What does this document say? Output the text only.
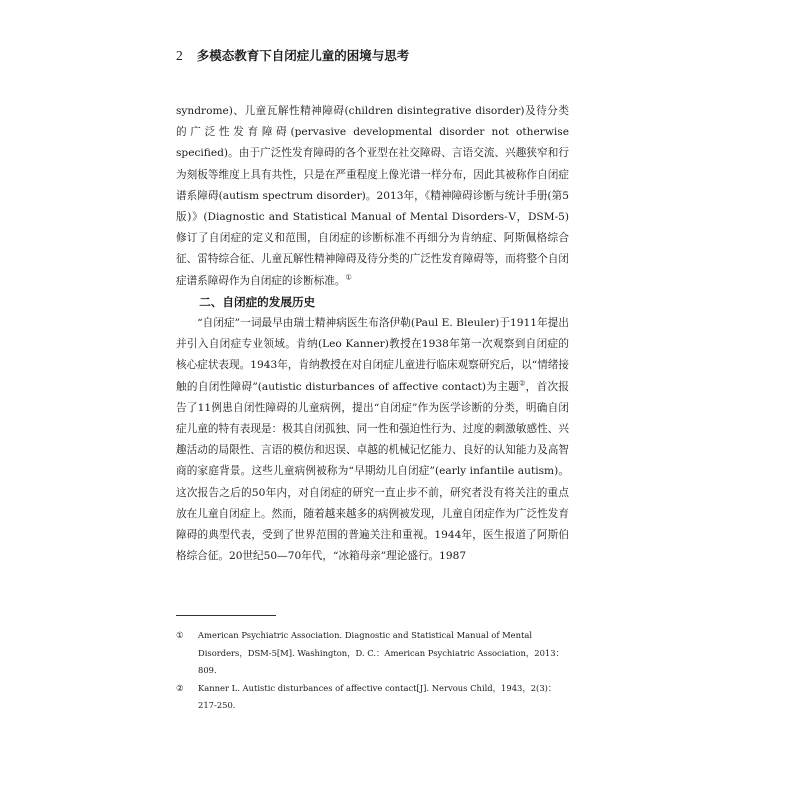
2 多模态教育下自闭症儿童的困境与思考

syndrome)、儿童瓦解性精神障碍(children disintegrative disorder)及待分类的广泛性发育障碍(pervasive developmental disorder not otherwise specified)。由于广泛性发育障碍的各个亚型在社交障碍、言语交流、兴趣狭窄和行为刻板等维度上具有共性，只是在严重程度上像光谱一样分布，因此其被称作自闭症谱系障碍(autism spectrum disorder)。2013年，《精神障碍诊断与统计手册(第5版)》(Diagnostic and Statistical Manual of Mental Disorders-Ⅴ，DSM-5)修订了自闭症的定义和范围，自闭症的诊断标准不再细分为肯纳症、阿斯佩格综合征、雷特综合征、儿童瓦解性精神障碍及待分类的广泛性发育障碍等，而将整个自闭症谱系障碍作为自闭症的诊断标准。①

二、自闭症的发展历史

“自闭症”一词最早由瑞士精神病医生布洛伊勒(Paul E. Bleuler)于1911年提出并引入自闭症专业领域。肯纳(Leo Kanner)教授在1938年第一次观察到自闭症的核心症状表现。1943年，肯纳教授在对自闭症儿童进行临床观察研究后，以“情绪接触的自闭性障碍”(autistic disturbances of affective contact)为主题②，首次报告了11例患自闭性障碍的儿童病例，提出“自闭症”作为医学诊断的分类，明确自闭症儿童的特有表现是：极其自闭孤独、同一性和强迫性行为、过度的刺激敏感性、兴趣活动的局限性、言语的模仿和迟误、卓越的机械记忆能力、良好的认知能力及高智商的家庭背景。这些儿童病例被称为“早期幼儿自闭症”(early infantile autism)。这次报告之后的50年内，对自闭症的研究一直止步不前，研究者没有将关注的重点放在儿童自闭症上。然而，随着越来越多的病例被发现，儿童自闭症作为广泛性发育障碍的典型代表，受到了世界范围的普遍关注和重视。1944年，医生报道了阿斯伯格综合征。20世纪50—70年代，“冰箱母亲”理论盛行。1987

①	American Psychiatric Association. Diagnostic and Statistical Manual of Mental Disorders，DSM-5[M]. Washington，D. C.：American Psychiatric Association，2013：809.
②	Kanner L. Autistic disturbances of affective contact[J]. Nervous Child，1943，2(3)：217-250.
